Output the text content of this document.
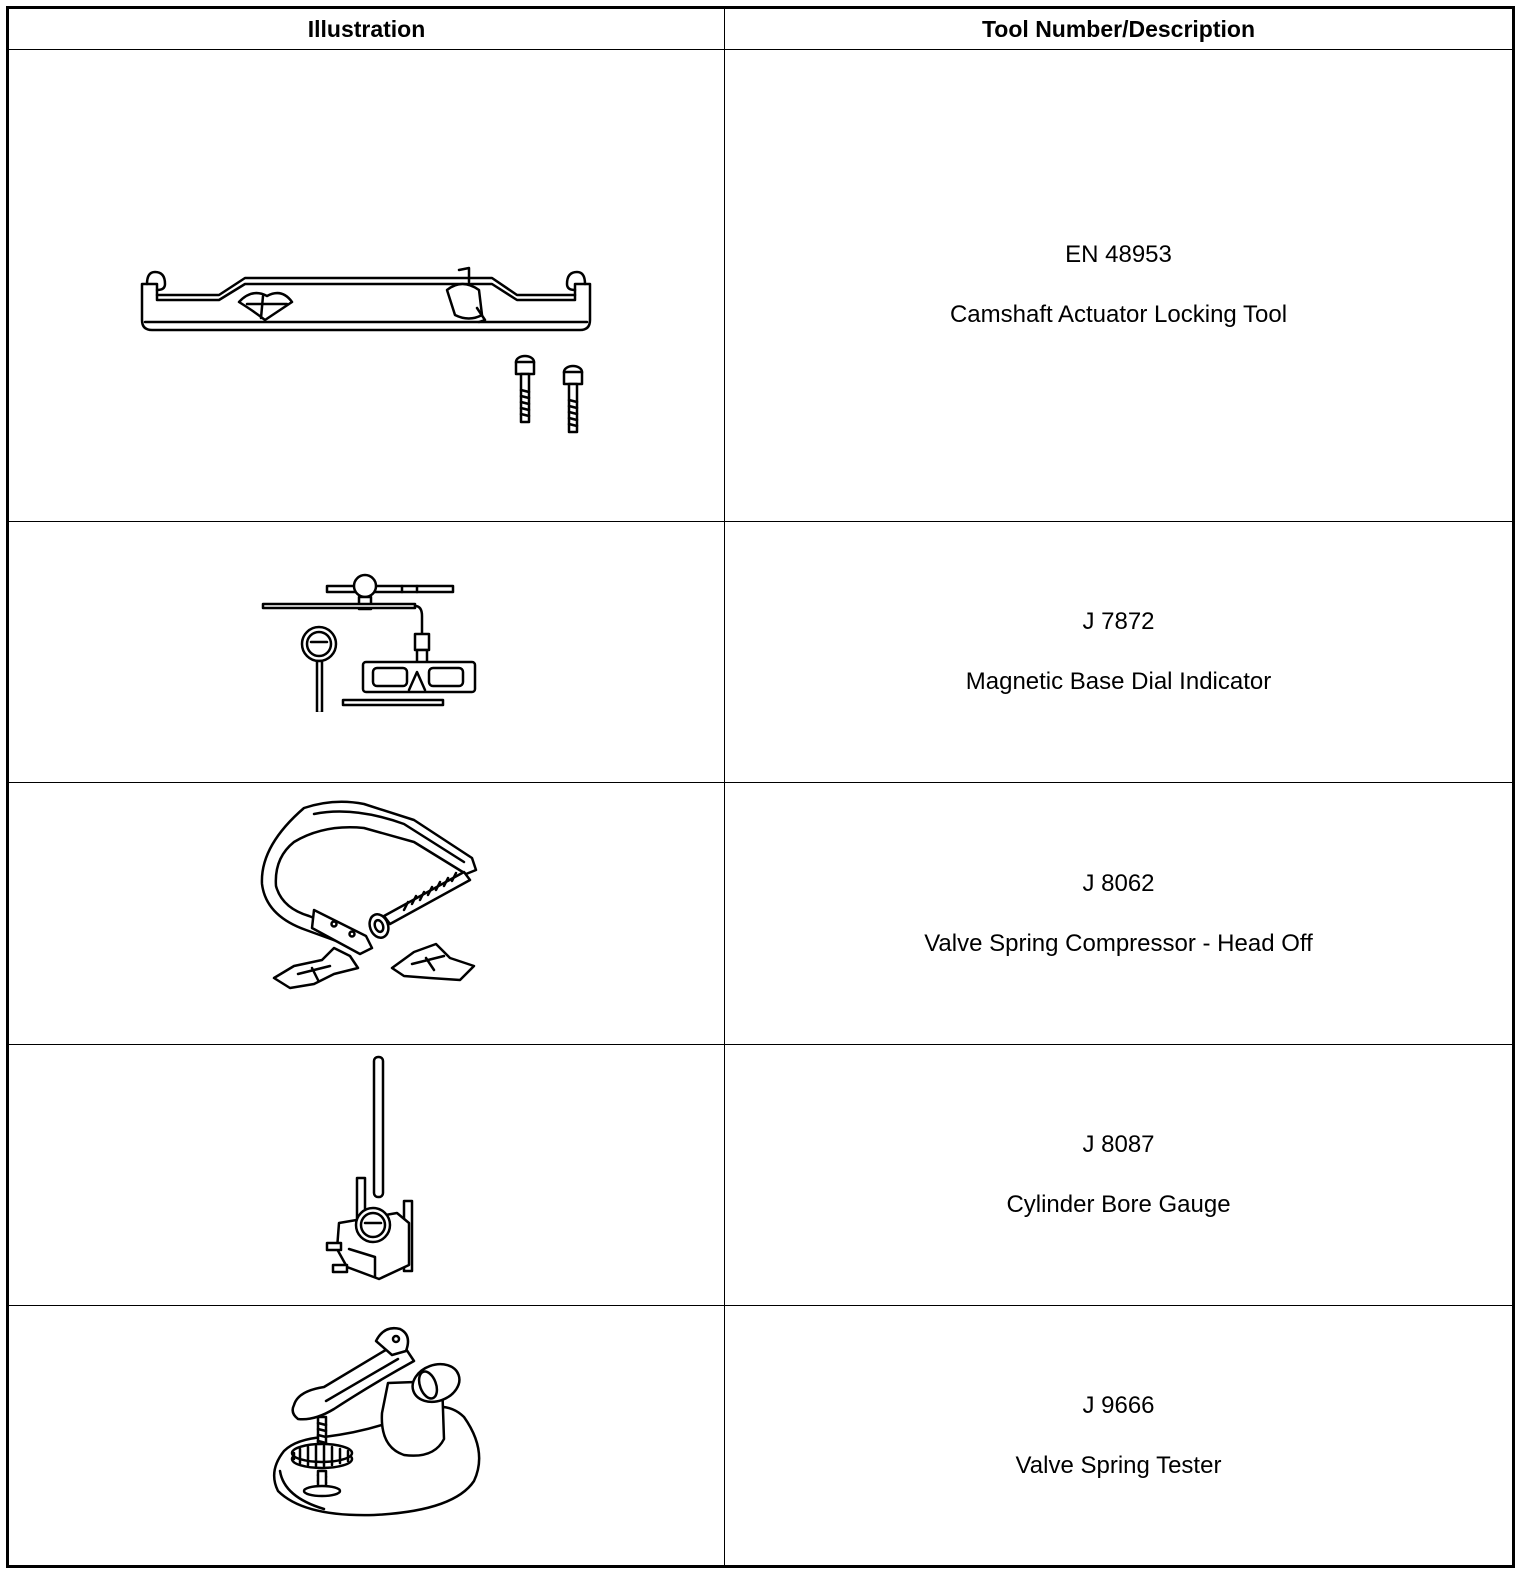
Illustration	Tool Number/Description

EN 48953
Camshaft Actuator Locking Tool

J 7872
Magnetic Base Dial Indicator

J 8062
Valve Spring Compressor - Head Off

J 8087
Cylinder Bore Gauge

J 9666
Valve Spring Tester
